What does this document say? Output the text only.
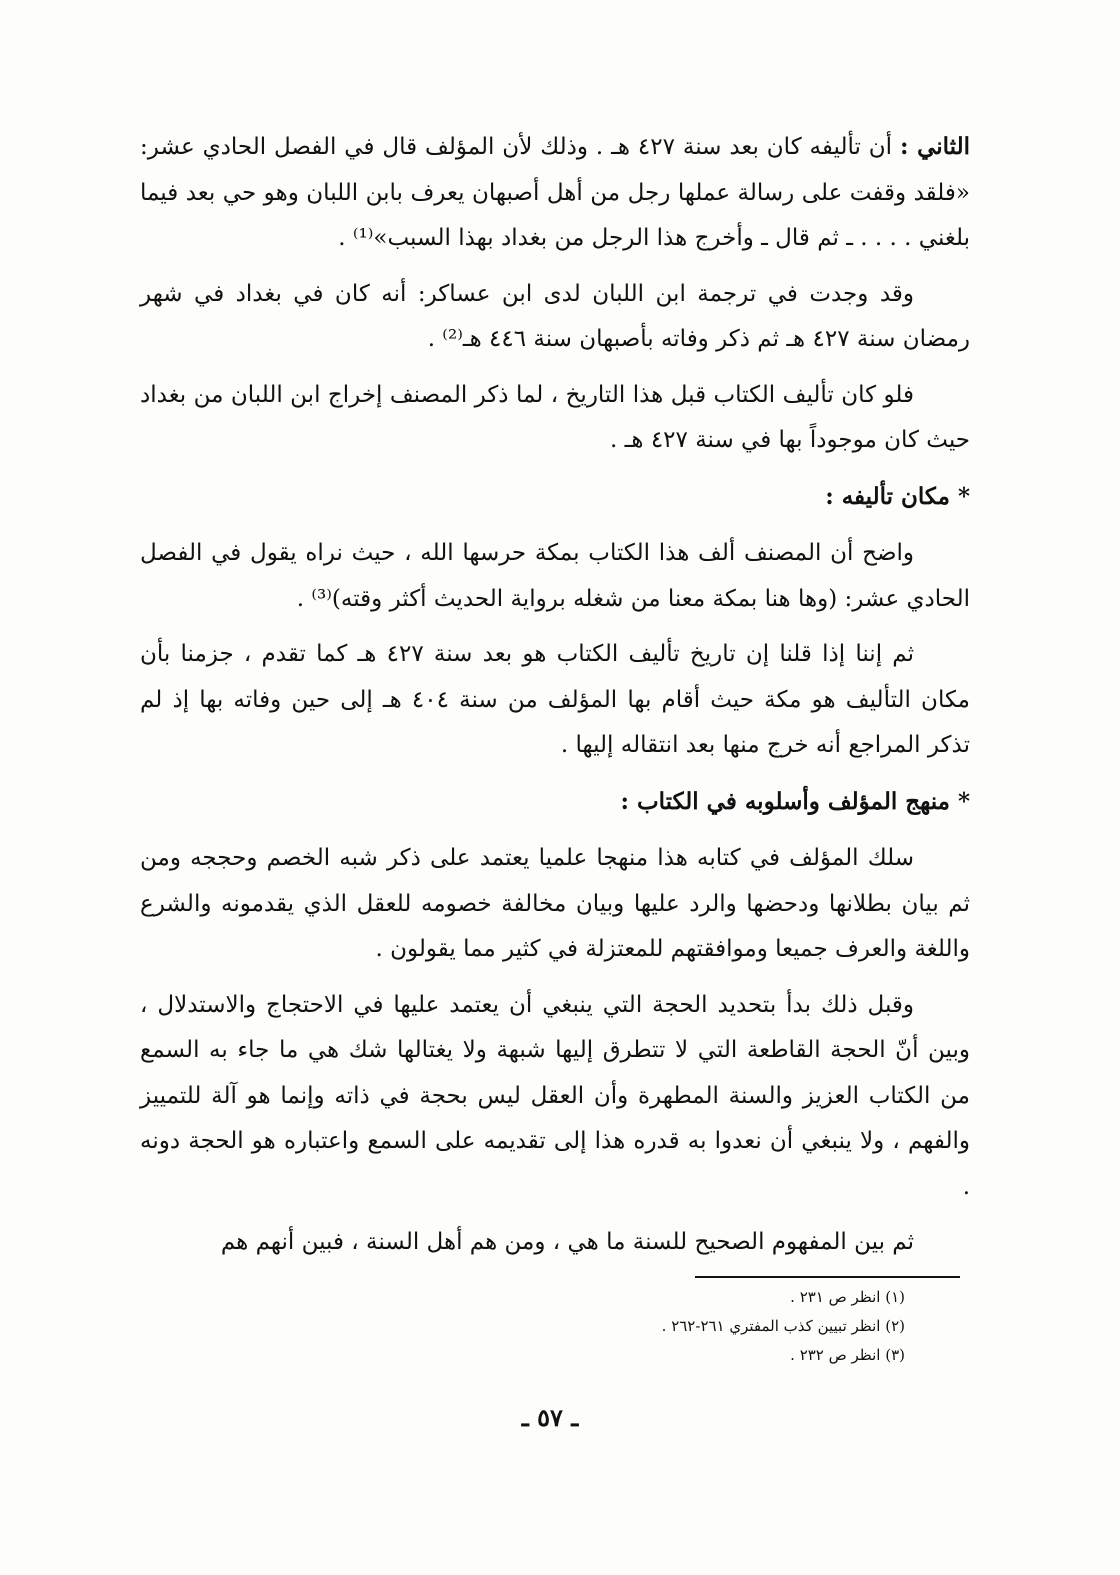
الثاني : أن تأليفه كان بعد سنة ٤٢٧ هـ . وذلك لأن المؤلف قال في الفصل الحادي عشر: «فلقد وقفت على رسالة عملها رجل من أهل أصبهان يعرف بابن اللبان وهو حي بعد فيما بلغني . . . . ـ ثم قال ـ وأخرج هذا الرجل من بغداد بهذا السبب»⁽¹⁾ .

وقد وجدت في ترجمة ابن اللبان لدى ابن عساكر: أنه كان في بغداد في شهر رمضان سنة ٤٢٧ هـ ثم ذكر وفاته بأصبهان سنة ٤٤٦ هـ⁽²⁾ .

فلو كان تأليف الكتاب قبل هذا التاريخ ، لما ذكر المصنف إخراج ابن اللبان من بغداد حيث كان موجوداً بها في سنة ٤٢٧ هـ .

* مكان تأليفه :

واضح أن المصنف ألف هذا الكتاب بمكة حرسها الله ، حيث نراه يقول في الفصل الحادي عشر: (وها هنا بمكة معنا من شغله برواية الحديث أكثر وقته)⁽³⁾ .

ثم إننا إذا قلنا إن تاريخ تأليف الكتاب هو بعد سنة ٤٢٧ هـ كما تقدم ، جزمنا بأن مكان التأليف هو مكة حيث أقام بها المؤلف من سنة ٤٠٤ هـ إلى حين وفاته بها إذ لم تذكر المراجع أنه خرج منها بعد انتقاله إليها .

* منهج المؤلف وأسلوبه في الكتاب :

سلك المؤلف في كتابه هذا منهجا علميا يعتمد على ذكر شبه الخصم وحججه ومن ثم بيان بطلانها ودحضها والرد عليها وبيان مخالفة خصومه للعقل الذي يقدمونه والشرع واللغة والعرف جميعا وموافقتهم للمعتزلة في كثير مما يقولون .

وقبل ذلك بدأ بتحديد الحجة التي ينبغي أن يعتمد عليها في الاحتجاج والاستدلال ، وبين أنّ الحجة القاطعة التي لا تتطرق إليها شبهة ولا يغتالها شك هي ما جاء به السمع من الكتاب العزيز والسنة المطهرة وأن العقل ليس بحجة في ذاته وإنما هو آلة للتمييز والفهم ، ولا ينبغي أن نعدوا به قدره هذا إلى تقديمه على السمع واعتباره هو الحجة دونه .

ثم بين المفهوم الصحيح للسنة ما هي ، ومن هم أهل السنة ، فبين أنهم هم

(١) انظر ص ٢٣١ .

(٢) انظر تبيين كذب المفتري ٢٦١-٢٦٢ .

(٣) انظر ص ٢٣٢ .

ـ ٥٧ ـ
